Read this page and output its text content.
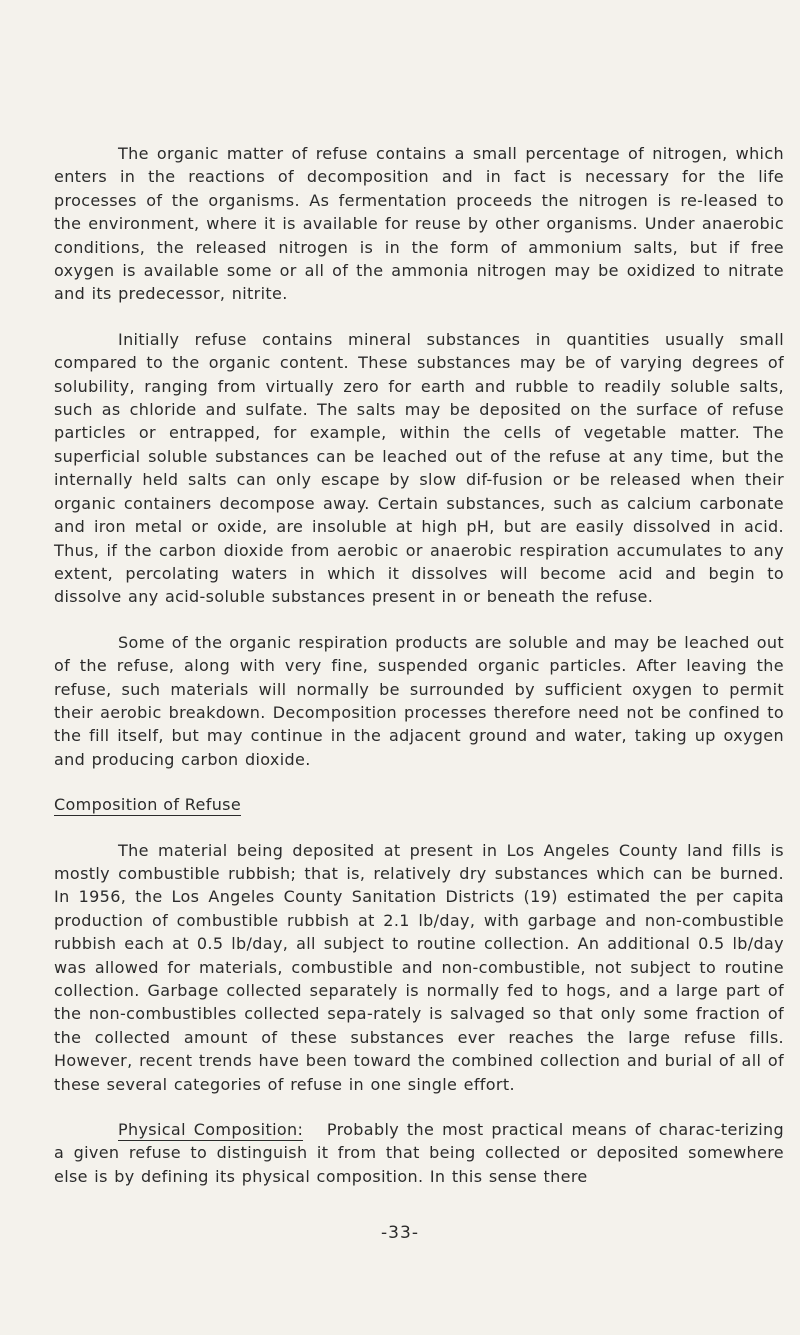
The organic matter of refuse contains a small percentage of nitrogen, which enters in the reactions of decomposition and in fact is necessary for the life processes of the organisms. As fermentation proceeds the nitrogen is re-leased to the environment, where it is available for reuse by other organisms. Under anaerobic conditions, the released nitrogen is in the form of ammonium salts, but if free oxygen is available some or all of the ammonia nitrogen may be oxidized to nitrate and its predecessor, nitrite.

Initially refuse contains mineral substances in quantities usually small compared to the organic content. These substances may be of varying degrees of solubility, ranging from virtually zero for earth and rubble to readily soluble salts, such as chloride and sulfate. The salts may be deposited on the surface of refuse particles or entrapped, for example, within the cells of vegetable matter. The superficial soluble substances can be leached out of the refuse at any time, but the internally held salts can only escape by slow dif-fusion or be released when their organic containers decompose away. Certain substances, such as calcium carbonate and iron metal or oxide, are insoluble at high pH, but are easily dissolved in acid. Thus, if the carbon dioxide from aerobic or anaerobic respiration accumulates to any extent, percolating waters in which it dissolves will become acid and begin to dissolve any acid-soluble substances present in or beneath the refuse.

Some of the organic respiration products are soluble and may be leached out of the refuse, along with very fine, suspended organic particles. After leaving the refuse, such materials will normally be surrounded by sufficient oxygen to permit their aerobic breakdown. Decomposition processes therefore need not be confined to the fill itself, but may continue in the adjacent ground and water, taking up oxygen and producing carbon dioxide.

Composition of Refuse

The material being deposited at present in Los Angeles County land fills is mostly combustible rubbish; that is, relatively dry substances which can be burned. In 1956, the Los Angeles County Sanitation Districts (19) estimated the per capita production of combustible rubbish at 2.1 lb/day, with garbage and non-combustible rubbish each at 0.5 lb/day, all subject to routine collection. An additional 0.5 lb/day was allowed for materials, combustible and non-combustible, not subject to routine collection. Garbage collected separately is normally fed to hogs, and a large part of the non-combustibles collected sepa-rately is salvaged so that only some fraction of the collected amount of these substances ever reaches the large refuse fills. However, recent trends have been toward the combined collection and burial of all of these several categories of refuse in one single effort.

Physical Composition: Probably the most practical means of charac-terizing a given refuse to distinguish it from that being collected or deposited somewhere else is by defining its physical composition. In this sense there

-33-
